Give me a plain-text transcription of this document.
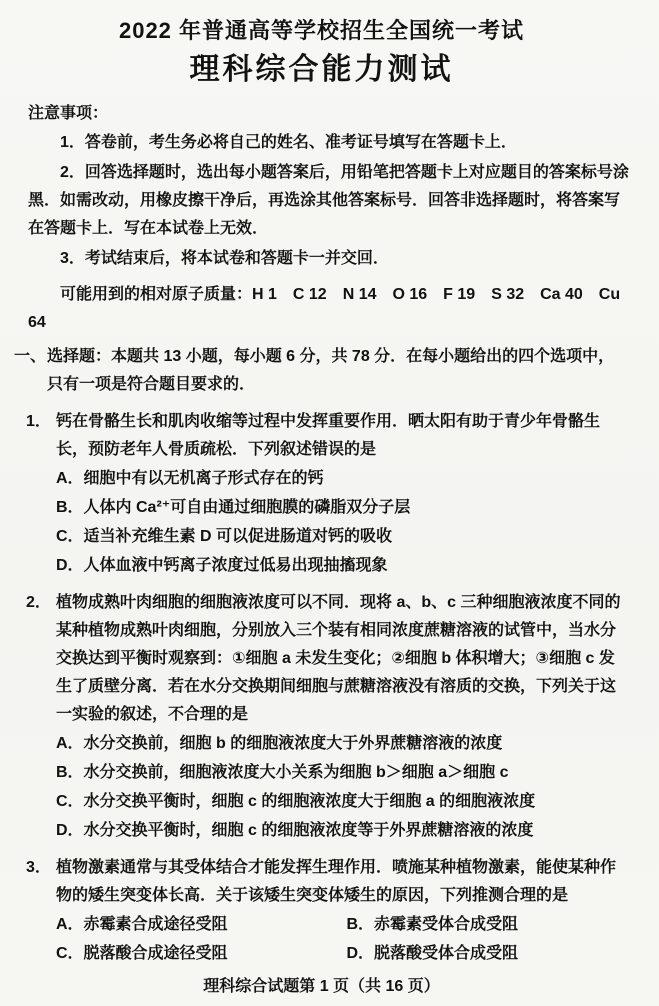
2022 年普通高等学校招生全国统一考试
理科综合能力测试
注意事项：

1．答卷前，考生务必将自己的姓名、准考证号填写在答题卡上．

2．回答选择题时，选出每小题答案后，用铅笔把答题卡上对应题目的答案标号涂黑．如需改动，用橡皮擦干净后，再选涂其他答案标号．回答非选择题时，将答案写在答题卡上．写在本试卷上无效．

3．考试结束后，将本试卷和答题卡一并交回．

可能用到的相对原子质量：H 1　C 12　N 14　O 16　F 19　S 32　Ca 40　Cu 64

一、 选择题：本题共 13 小题，每小题 6 分，共 78 分．在每小题给出的四个选项中，只有一项是符合题目要求的．
1． 钙在骨骼生长和肌肉收缩等过程中发挥重要作用．晒太阳有助于青少年骨骼生长，预防老年人骨质疏松．下列叙述错误的是
A．细胞中有以无机离子形式存在的钙
B．人体内 Ca²⁺可自由通过细胞膜的磷脂双分子层
C．适当补充维生素 D 可以促进肠道对钙的吸收
D．人体血液中钙离子浓度过低易出现抽搐现象
2． 植物成熟叶肉细胞的细胞液浓度可以不同．现将 a、b、c 三种细胞液浓度不同的某种植物成熟叶肉细胞，分别放入三个装有相同浓度蔗糖溶液的试管中，当水分交换达到平衡时观察到：①细胞 a 未发生变化；②细胞 b 体积增大；③细胞 c 发生了质壁分离．若在水分交换期间细胞与蔗糖溶液没有溶质的交换，下列关于这一实验的叙述，不合理的是
A．水分交换前，细胞 b 的细胞液浓度大于外界蔗糖溶液的浓度
B．水分交换前，细胞液浓度大小关系为细胞 b＞细胞 a＞细胞 c
C．水分交换平衡时，细胞 c 的细胞液浓度大于细胞 a 的细胞液浓度
D．水分交换平衡时，细胞 c 的细胞液浓度等于外界蔗糖溶液的浓度
3． 植物激素通常与其受体结合才能发挥生理作用．喷施某种植物激素，能使某种作物的矮生突变体长高．关于该矮生突变体矮生的原因，下列推测合理的是
A．赤霉素合成途径受阻	B．赤霉素受体合成受阻
C．脱落酸合成途径受阻	D．脱落酸受体合成受阻
理科综合试题第 1 页（共 16 页）
